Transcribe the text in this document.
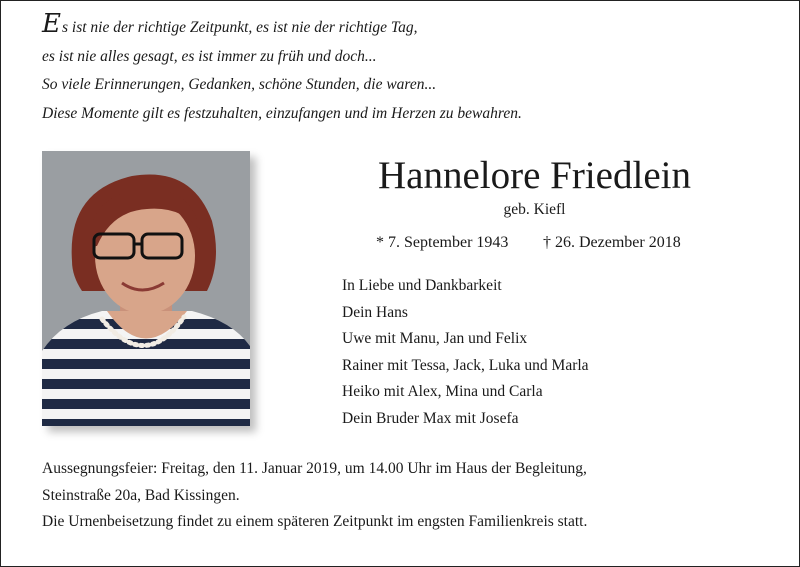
Es ist nie der richtige Zeitpunkt, es ist nie der richtige Tag,
es ist nie alles gesagt, es ist immer zu früh und doch...
So viele Erinnerungen, Gedanken, schöne Stunden, die waren...
Diese Momente gilt es festzuhalten, einzufangen und im Herzen zu bewahren.
Hannelore Friedlein
geb. Kiefl
* 7. September 1943 † 26. Dezember 2018
In Liebe und Dankbarkeit
Dein Hans
Uwe mit Manu, Jan und Felix
Rainer mit Tessa, Jack, Luka und Marla
Heiko mit Alex, Mina und Carla
Dein Bruder Max mit Josefa
Aussegnungsfeier: Freitag, den 11. Januar 2019, um 14.00 Uhr im Haus der Begleitung,
Steinstraße 20a, Bad Kissingen.
Die Urnenbeisetzung findet zu einem späteren Zeitpunkt im engsten Familienkreis statt.
